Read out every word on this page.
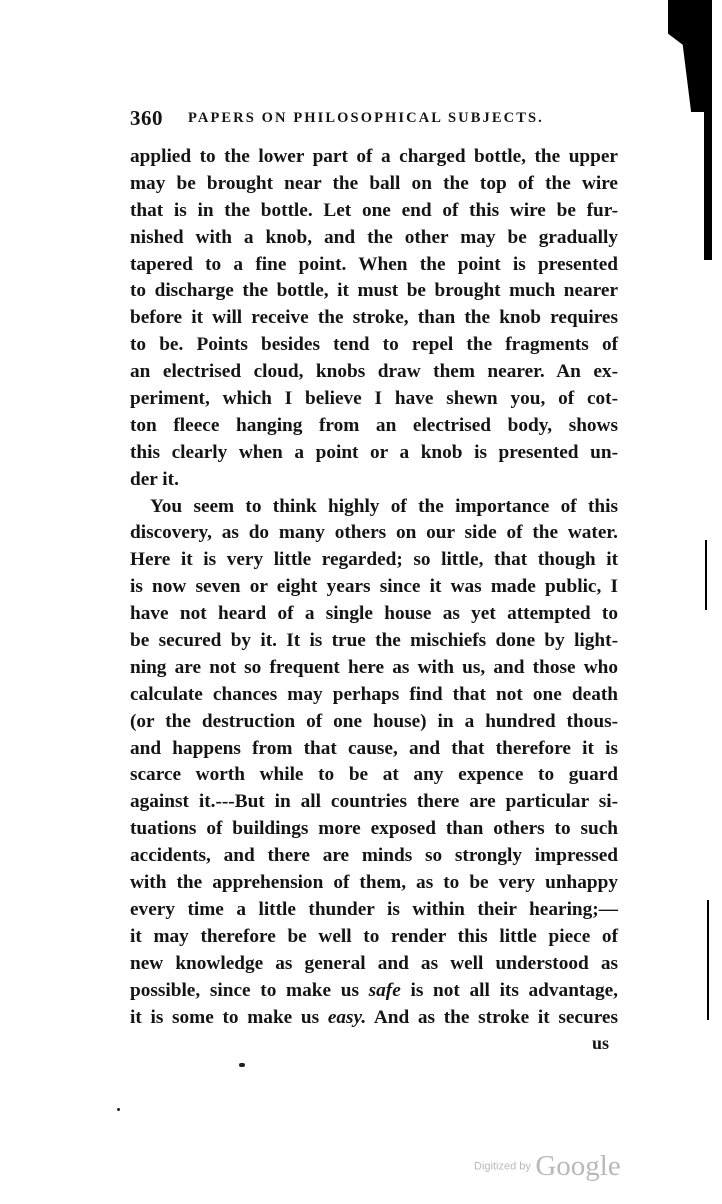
360 PAPERS ON PHILOSOPHICAL SUBJECTS.
applied to the lower part of a charged bottle, the upper
may be brought near the ball on the top of the wire
that is in the bottle. Let one end of this wire be fur-
nished with a knob, and the other may be gradually
tapered to a fine point. When the point is presented
to discharge the bottle, it must be brought much nearer
before it will receive the stroke, than the knob requires
to be. Points besides tend to repel the fragments of
an electrised cloud, knobs draw them nearer. An ex-
periment, which I believe I have shewn you, of cot-
ton fleece hanging from an electrised body, shows
this clearly when a point or a knob is presented un-
der it.
You seem to think highly of the importance of this
discovery, as do many others on our side of the water.
Here it is very little regarded; so little, that though it
is now seven or eight years since it was made public, I
have not heard of a single house as yet attempted to
be secured by it. It is true the mischiefs done by light-
ning are not so frequent here as with us, and those who
calculate chances may perhaps find that not one death
(or the destruction of one house) in a hundred thous-
and happens from that cause, and that therefore it is
scarce worth while to be at any expence to guard
against it.---But in all countries there are particular si-
tuations of buildings more exposed than others to such
accidents, and there are minds so strongly impressed
with the apprehension of them, as to be very unhappy
every time a little thunder is within their hearing;—
it may therefore be well to render this little piece of
new knowledge as general and as well understood as
possible, since to make us safe is not all its advantage,
it is some to make us easy. And as the stroke it secures
us
Digitized by Google
